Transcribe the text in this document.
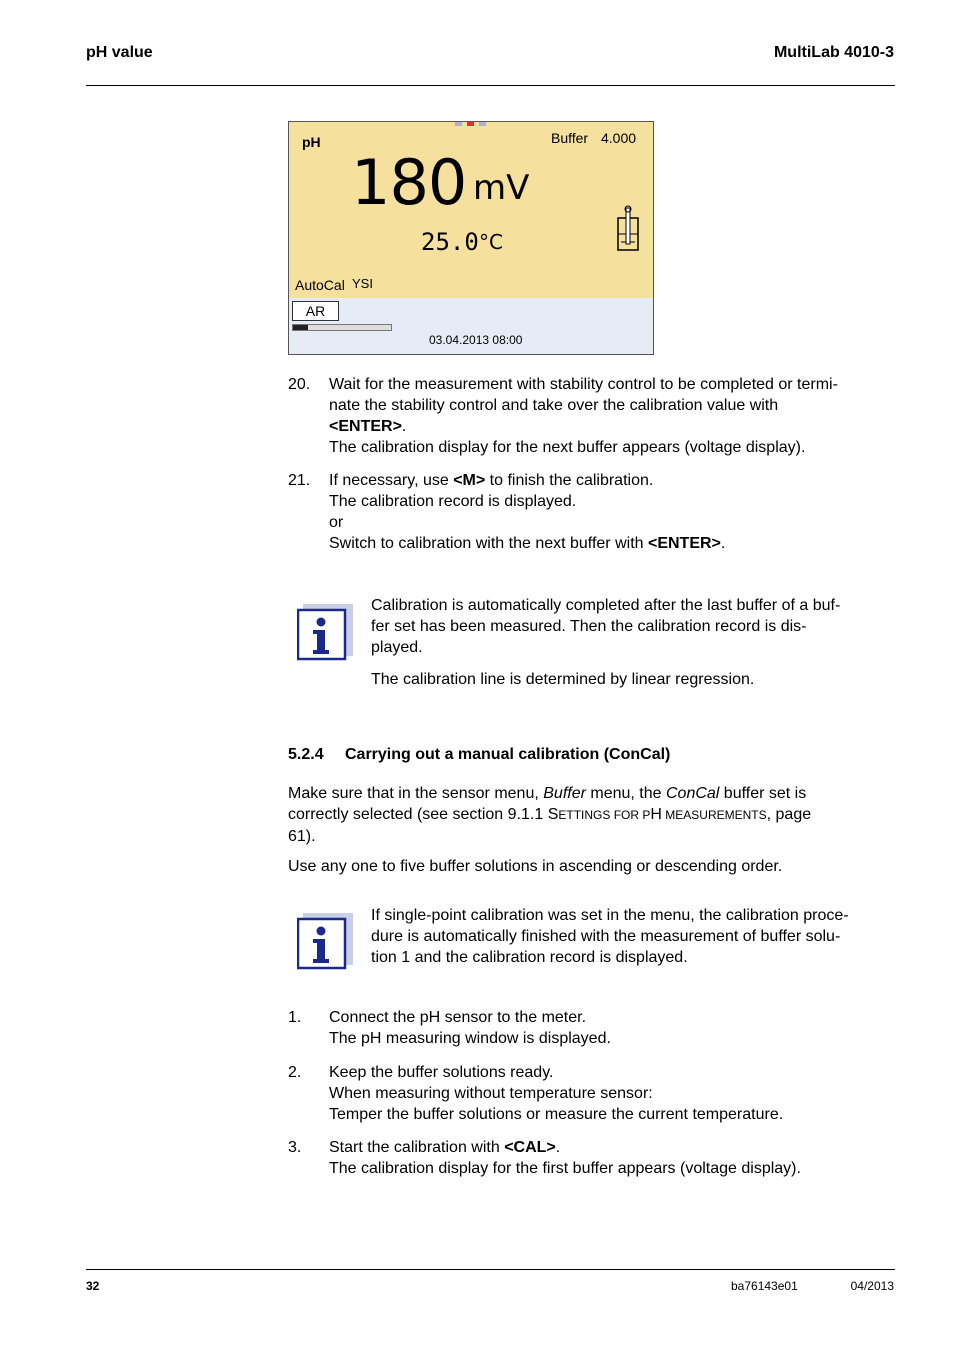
pH value	MultiLab 4010-3
pH	Buffer 4.000
180 mV
25.0 °C
AutoCal YSI
AR
03.04.2013 08:00
20. Wait for the measurement with stability control to be completed or termi-
nate the stability control and take over the calibration value with
<ENTER>.
The calibration display for the next buffer appears (voltage display).
21. If necessary, use <M> to finish the calibration.
The calibration record is displayed.
or
Switch to calibration with the next buffer with <ENTER>.
Calibration is automatically completed after the last buffer of a buf-
fer set has been measured. Then the calibration record is dis-
played.
The calibration line is determined by linear regression.
5.2.4 Carrying out a manual calibration (ConCal)
Make sure that in the sensor menu, Buffer menu, the ConCal buffer set is
correctly selected (see section 9.1.1 SETTINGS FOR PH MEASUREMENTS, page
61).
Use any one to five buffer solutions in ascending or descending order.
If single-point calibration was set in the menu, the calibration proce-
dure is automatically finished with the measurement of buffer solu-
tion 1 and the calibration record is displayed.
1. Connect the pH sensor to the meter.
The pH measuring window is displayed.
2. Keep the buffer solutions ready.
When measuring without temperature sensor:
Temper the buffer solutions or measure the current temperature.
3. Start the calibration with <CAL>.
The calibration display for the first buffer appears (voltage display).
32	ba76143e01	04/2013
